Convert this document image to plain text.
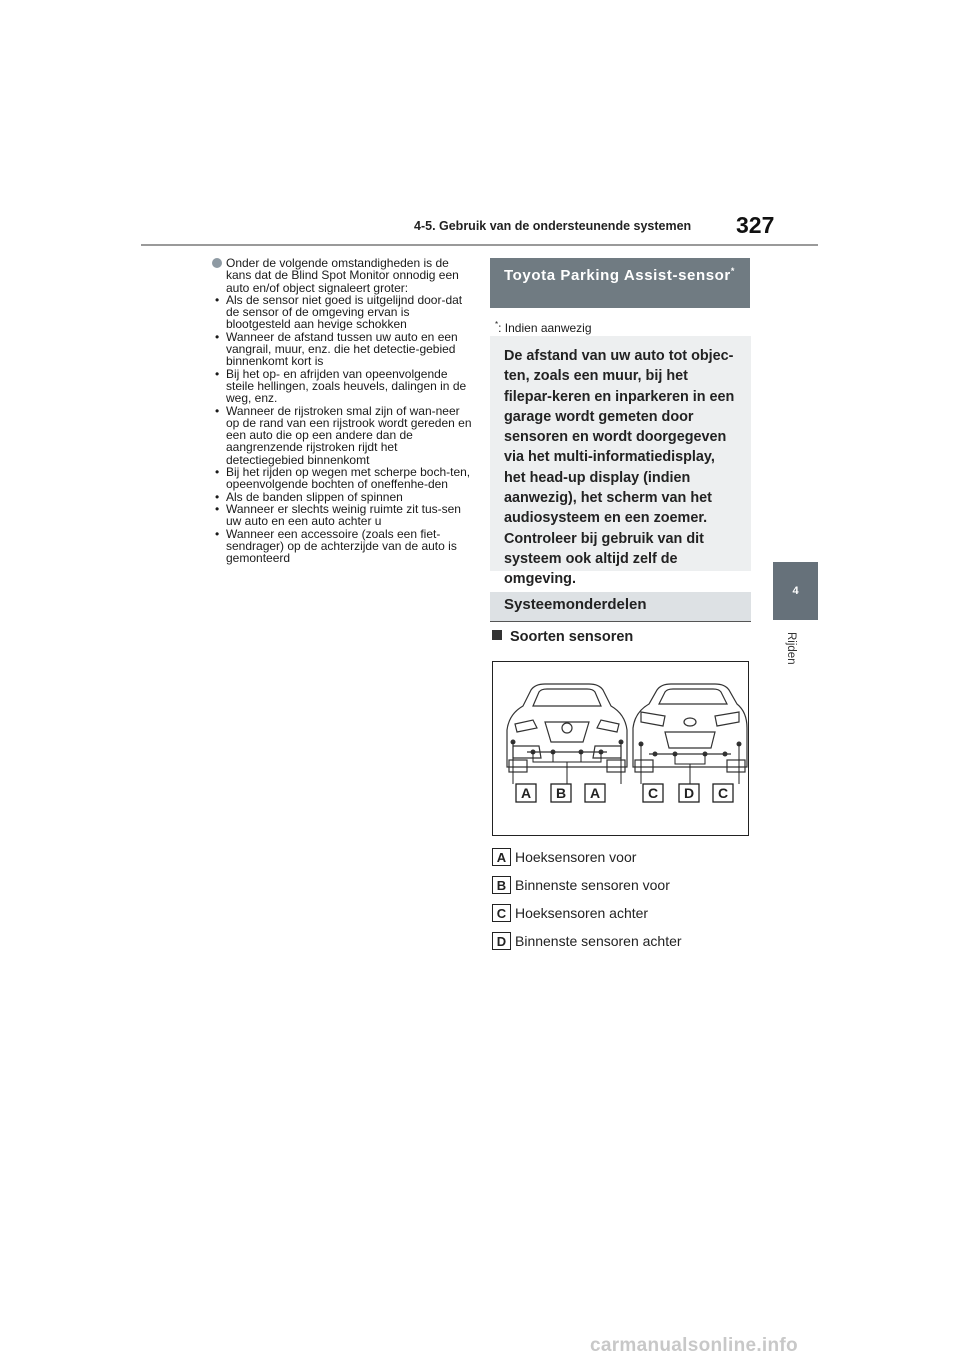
4-5. Gebruik van de ondersteunende systemen 327
4
Rijden
Onder de volgende omstandigheden is de kans dat de Blind Spot Monitor onnodig een auto en/of object signaleert groter:
• Als de sensor niet goed is uitgelijnd door-dat de sensor of de omgeving ervan is blootgesteld aan hevige schokken
• Wanneer de afstand tussen uw auto en een vangrail, muur, enz. die het detectie-gebied binnenkomt kort is
• Bij het op- en afrijden van opeenvolgende steile hellingen, zoals heuvels, dalingen in de weg, enz.
• Wanneer de rijstroken smal zijn of wan-neer op de rand van een rijstrook wordt gereden en een auto die op een andere dan de aangrenzende rijstroken rijdt het detectiegebied binnenkomt
• Bij het rijden op wegen met scherpe boch-ten, opeenvolgende bochten of oneffenhe-den
• Als de banden slippen of spinnen
• Wanneer er slechts weinig ruimte zit tus-sen uw auto en een auto achter u
• Wanneer een accessoire (zoals een fiet-sendrager) op de achterzijde van de auto is gemonteerd
Toyota Parking Assist-sensor*
*: Indien aanwezig
De afstand van uw auto tot objec-ten, zoals een muur, bij het filepar-keren en inparkeren in een garage wordt gemeten door sensoren en wordt doorgegeven via het multi-informatiedisplay, het head-up display (indien aanwezig), het scherm van het audiosysteem en een zoemer. Controleer bij gebruik van dit systeem ook altijd zelf de omgeving.
Systeemonderdelen
Soorten sensoren
A B A	C D C
A Hoeksensoren voor
B Binnenste sensoren voor
C Hoeksensoren achter
D Binnenste sensoren achter
carmanualsonline.info
